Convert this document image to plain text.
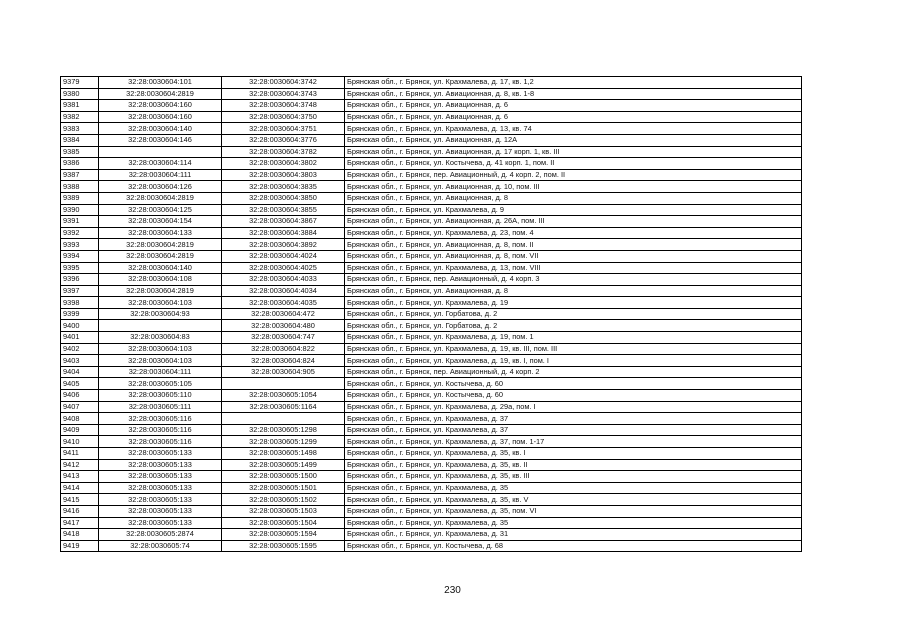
9379	32:28:0030604:101	32:28:0030604:3742	Брянская обл., г. Брянск, ул. Крахмалева, д. 17, кв. 1,2
9380	32:28:0030604:2819	32:28:0030604:3743	Брянская обл., г. Брянск, ул. Авиационная, д. 8, кв. 1-8
9381	32:28:0030604:160	32:28:0030604:3748	Брянская обл., г. Брянск, ул. Авиационная, д. 6
9382	32:28:0030604:160	32:28:0030604:3750	Брянская обл., г. Брянск, ул. Авиационная, д. 6
9383	32:28:0030604:140	32:28:0030604:3751	Брянская обл., г. Брянск, ул. Крахмалева, д. 13, кв. 74
9384	32:28:0030604:146	32:28:0030604:3776	Брянская обл., г. Брянск, ул. Авиационная, д. 12А
9385		32:28:0030604:3782	Брянская обл., г. Брянск, ул. Авиационная, д. 17 корп. 1, кв. III
9386	32:28:0030604:114	32:28:0030604:3802	Брянская обл., г. Брянск, ул. Костычева, д. 41 корп. 1, пом. II
9387	32:28:0030604:111	32:28:0030604:3803	Брянская обл., г. Брянск, пер. Авиационный, д. 4 корп. 2, пом. II
9388	32:28:0030604:126	32:28:0030604:3835	Брянская обл., г. Брянск, ул. Авиационная, д. 10, пом. III
9389	32:28:0030604:2819	32:28:0030604:3850	Брянская обл., г. Брянск, ул. Авиационная, д. 8
9390	32:28:0030604:125	32:28:0030604:3855	Брянская обл., г. Брянск, ул. Крахмалева, д. 9
9391	32:28:0030604:154	32:28:0030604:3867	Брянская обл., г. Брянск, ул. Авиационная, д. 26А, пом. III
9392	32:28:0030604:133	32:28:0030604:3884	Брянская обл., г. Брянск, ул. Крахмалева, д. 23, пом. 4
9393	32:28:0030604:2819	32:28:0030604:3892	Брянская обл., г. Брянск, ул. Авиационная, д. 8, пом. II
9394	32:28:0030604:2819	32:28:0030604:4024	Брянская обл., г. Брянск, ул. Авиационная, д. 8, пом. VII
9395	32:28:0030604:140	32:28:0030604:4025	Брянская обл., г. Брянск, ул. Крахмалева, д. 13, пом. VIII
9396	32:28:0030604:108	32:28:0030604:4033	Брянская обл., г. Брянск, пер. Авиационный, д. 4 корп. 3
9397	32:28:0030604:2819	32:28:0030604:4034	Брянская обл., г. Брянск, ул. Авиационная, д. 8
9398	32:28:0030604:103	32:28:0030604:4035	Брянская обл., г. Брянск, ул. Крахмалева, д. 19
9399	32:28:0030604:93	32:28:0030604:472	Брянская обл., г. Брянск, ул. Горбатова, д. 2
9400		32:28:0030604:480	Брянская обл., г. Брянск, ул. Горбатова, д. 2
9401	32:28:0030604:83	32:28:0030604:747	Брянская обл., г. Брянск, ул. Крахмалева, д. 19, пом. 1
9402	32:28:0030604:103	32:28:0030604:822	Брянская обл., г. Брянск, ул. Крахмалева, д. 19, кв. III, пом. III
9403	32:28:0030604:103	32:28:0030604:824	Брянская обл., г. Брянск, ул. Крахмалева, д. 19, кв. I, пом. I
9404	32:28:0030604:111	32:28:0030604:905	Брянская обл., г. Брянск, пер. Авиационный, д. 4 корп. 2
9405	32:28:0030605:105		Брянская обл., г. Брянск, ул. Костычева, д. 60
9406	32:28:0030605:110	32:28:0030605:1054	Брянская обл., г. Брянск, ул. Костычева, д. 60
9407	32:28:0030605:111	32:28:0030605:1164	Брянская обл., г. Брянск, ул. Крахмалева, д. 29а, пом. I
9408	32:28:0030605:116		Брянская обл., г. Брянск, ул. Крахмалева, д. 37
9409	32:28:0030605:116	32:28:0030605:1298	Брянская обл., г. Брянск, ул. Крахмалева, д. 37
9410	32:28:0030605:116	32:28:0030605:1299	Брянская обл., г. Брянск, ул. Крахмалева, д. 37, пом. 1-17
9411	32:28:0030605:133	32:28:0030605:1498	Брянская обл., г. Брянск, ул. Крахмалева, д. 35, кв. I
9412	32:28:0030605:133	32:28:0030605:1499	Брянская обл., г. Брянск, ул. Крахмалева, д. 35, кв. II
9413	32:28:0030605:133	32:28:0030605:1500	Брянская обл., г. Брянск, ул. Крахмалева, д. 35, кв. III
9414	32:28:0030605:133	32:28:0030605:1501	Брянская обл., г. Брянск, ул. Крахмалева, д. 35
9415	32:28:0030605:133	32:28:0030605:1502	Брянская обл., г. Брянск, ул. Крахмалева, д. 35, кв. V
9416	32:28:0030605:133	32:28:0030605:1503	Брянская обл., г. Брянск, ул. Крахмалева, д. 35, пом. VI
9417	32:28:0030605:133	32:28:0030605:1504	Брянская обл., г. Брянск, ул. Крахмалева, д. 35
9418	32:28:0030605:2874	32:28:0030605:1594	Брянская обл., г. Брянск, ул. Крахмалева, д. 31
9419	32:28:0030605:74	32:28:0030605:1595	Брянская обл., г. Брянск, ул. Костычева, д. 68
230
